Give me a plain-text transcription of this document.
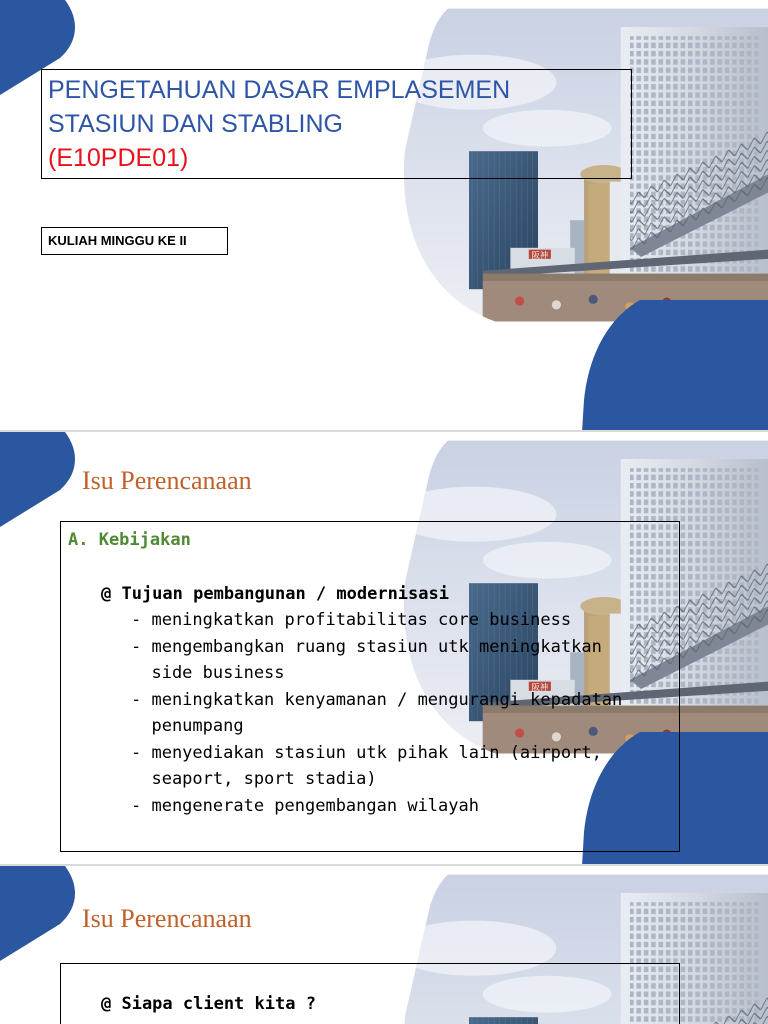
PENGETAHUAN DASAR EMPLASEMEN
STASIUN DAN STABLING
(E10PDE01)
KULIAH MINGGU KE II
Isu Perencanaan
A. Kebijakan
@ Tujuan pembangunan / modernisasi
- meningkatkan profitabilitas core business
- mengembangkan ruang stasiun utk meningkatkan
side business
- meningkatkan kenyamanan / mengurangi kepadatan
penumpang
- menyediakan stasiun utk pihak lain (airport,
seaport, sport stadia)
- mengenerate pengembangan wilayah
Isu Perencanaan
@ Siapa client kita ?
